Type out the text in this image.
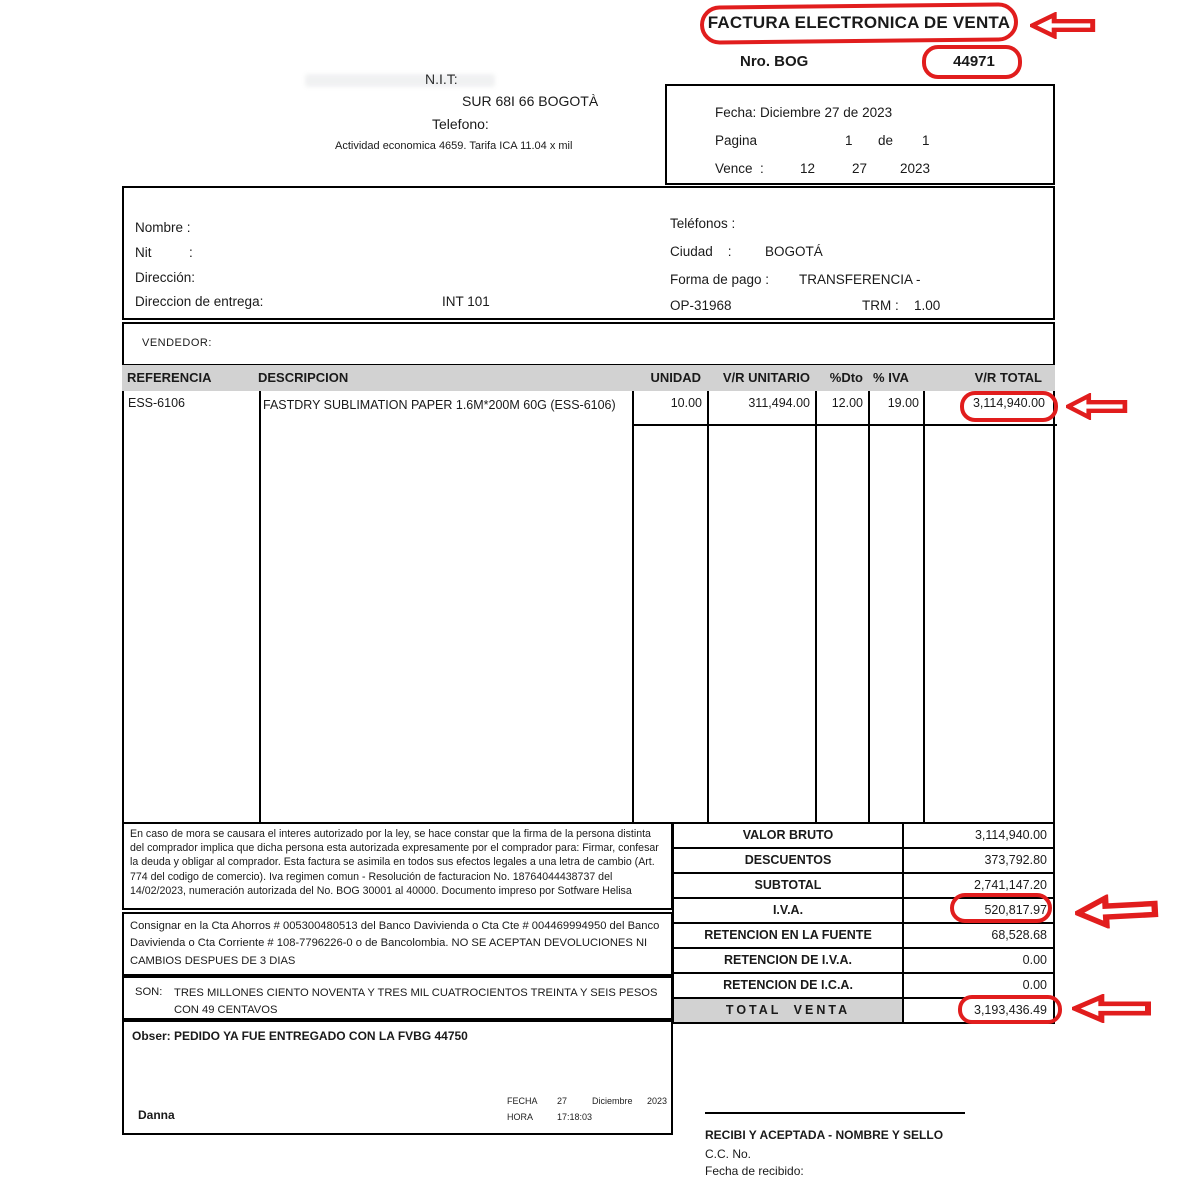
FACTURA ELECTRONICA DE VENTA
Nro. BOG	44971
N.I.T:
SUR 68I 66 BOGOTÀ
Telefono:
Actividad economica 4659. Tarifa ICA 11.04 x mil
Fecha: Diciembre 27 de 2023
Pagina	1 de 1
Vence  :	12	27 2023
Nombre :
Nit          :
Dirección:
Direccion de entrega:	INT 101
Teléfonos :
Ciudad    : BOGOTÁ
Forma de pago : TRANSFERENCIA -
OP-31968	TRM : 1.00
VENDEDOR:
REFERENCIA	DESCRIPCION	UNIDAD	V/R UNITARIO	%Dto % IVA	V/R TOTAL
ESS-6106	FASTDRY SUBLIMATION PAPER 1.6M*200M 60G (ESS-6106)	10.00	311,494.00	12.00	19.00	3,114,940.00
En caso de mora se causara el interes autorizado por la ley, se hace constar que la firma de la persona distinta del comprador implica que dicha persona esta autorizada expresamente por el comprador para: Firmar, confesar la deuda y obligar al comprador. Esta factura se asimila en todos sus efectos legales a una letra de cambio (Art. 774 del codigo de comercio). Iva regimen comun - Resolución de facturacion No. 18764044438737 del 14/02/2023, numeración autorizada del No. BOG 30001 al 40000. Documento impreso por Sotfware Helisa
Consignar en la Cta Ahorros # 005300480513 del Banco Davivienda o Cta Cte # 004469994950 del Banco Davivienda o Cta Corriente # 108-7796226-0 o de Bancolombia. NO SE ACEPTAN DEVOLUCIONES NI CAMBIOS DESPUES DE 3 DIAS
SON: TRES MILLONES CIENTO NOVENTA Y TRES MIL CUATROCIENTOS TREINTA Y SEIS PESOS CON 49 CENTAVOS
Obser: PEDIDO YA FUE ENTREGADO CON LA FVBG 44750
Danna
FECHA 27	Diciembre 2023
HORA	17:18:03
VALOR BRUTO	3,114,940.00
DESCUENTOS	373,792.80
SUBTOTAL	2,741,147.20
I.V.A.	520,817.97
RETENCION EN LA FUENTE	68,528.68
RETENCION DE I.V.A.	0.00
RETENCION DE I.C.A.	0.00
TOTAL VENTA	3,193,436.49
RECIBI Y ACEPTADA - NOMBRE Y SELLO
C.C. No.
Fecha de recibido:
